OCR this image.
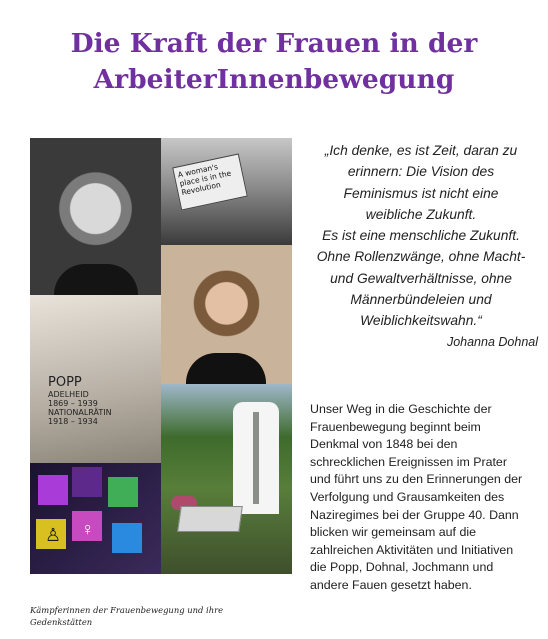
Die Kraft der Frauen in der
ArbeiterInnenbewegung
A woman's
place is in the
Revolution
POPP
ADELHEID
1869 – 1939
NATIONALRÄTIN
1918 – 1934
♀
♙

„Ich denke, es ist Zeit, daran zu
erinnern: Die Vision des
Feminismus ist nicht eine
weibliche Zukunft.
Es ist eine menschliche Zukunft.
Ohne Rollenzwänge, ohne Macht-
und Gewaltverhältnisse, ohne
Männerbündeleien und
Weiblichkeitswahn.“

Johanna Dohnal

Unser Weg in die Geschichte der
Frauenbewegung beginnt beim
Denkmal von 1848 bei den
schrecklichen Ereignissen im Prater
und führt uns zu den Erinnerungen der
Verfolgung und Grausamkeiten des
Naziregimes bei der Gruppe 40. Dann
blicken wir gemeinsam auf die
zahlreichen Aktivitäten und Initiativen
die Popp, Dohnal, Jochmann und
andere Fauen gesetzt haben.

Kämpferinnen der Frauenbewegung und ihre
Gedenkstätten
